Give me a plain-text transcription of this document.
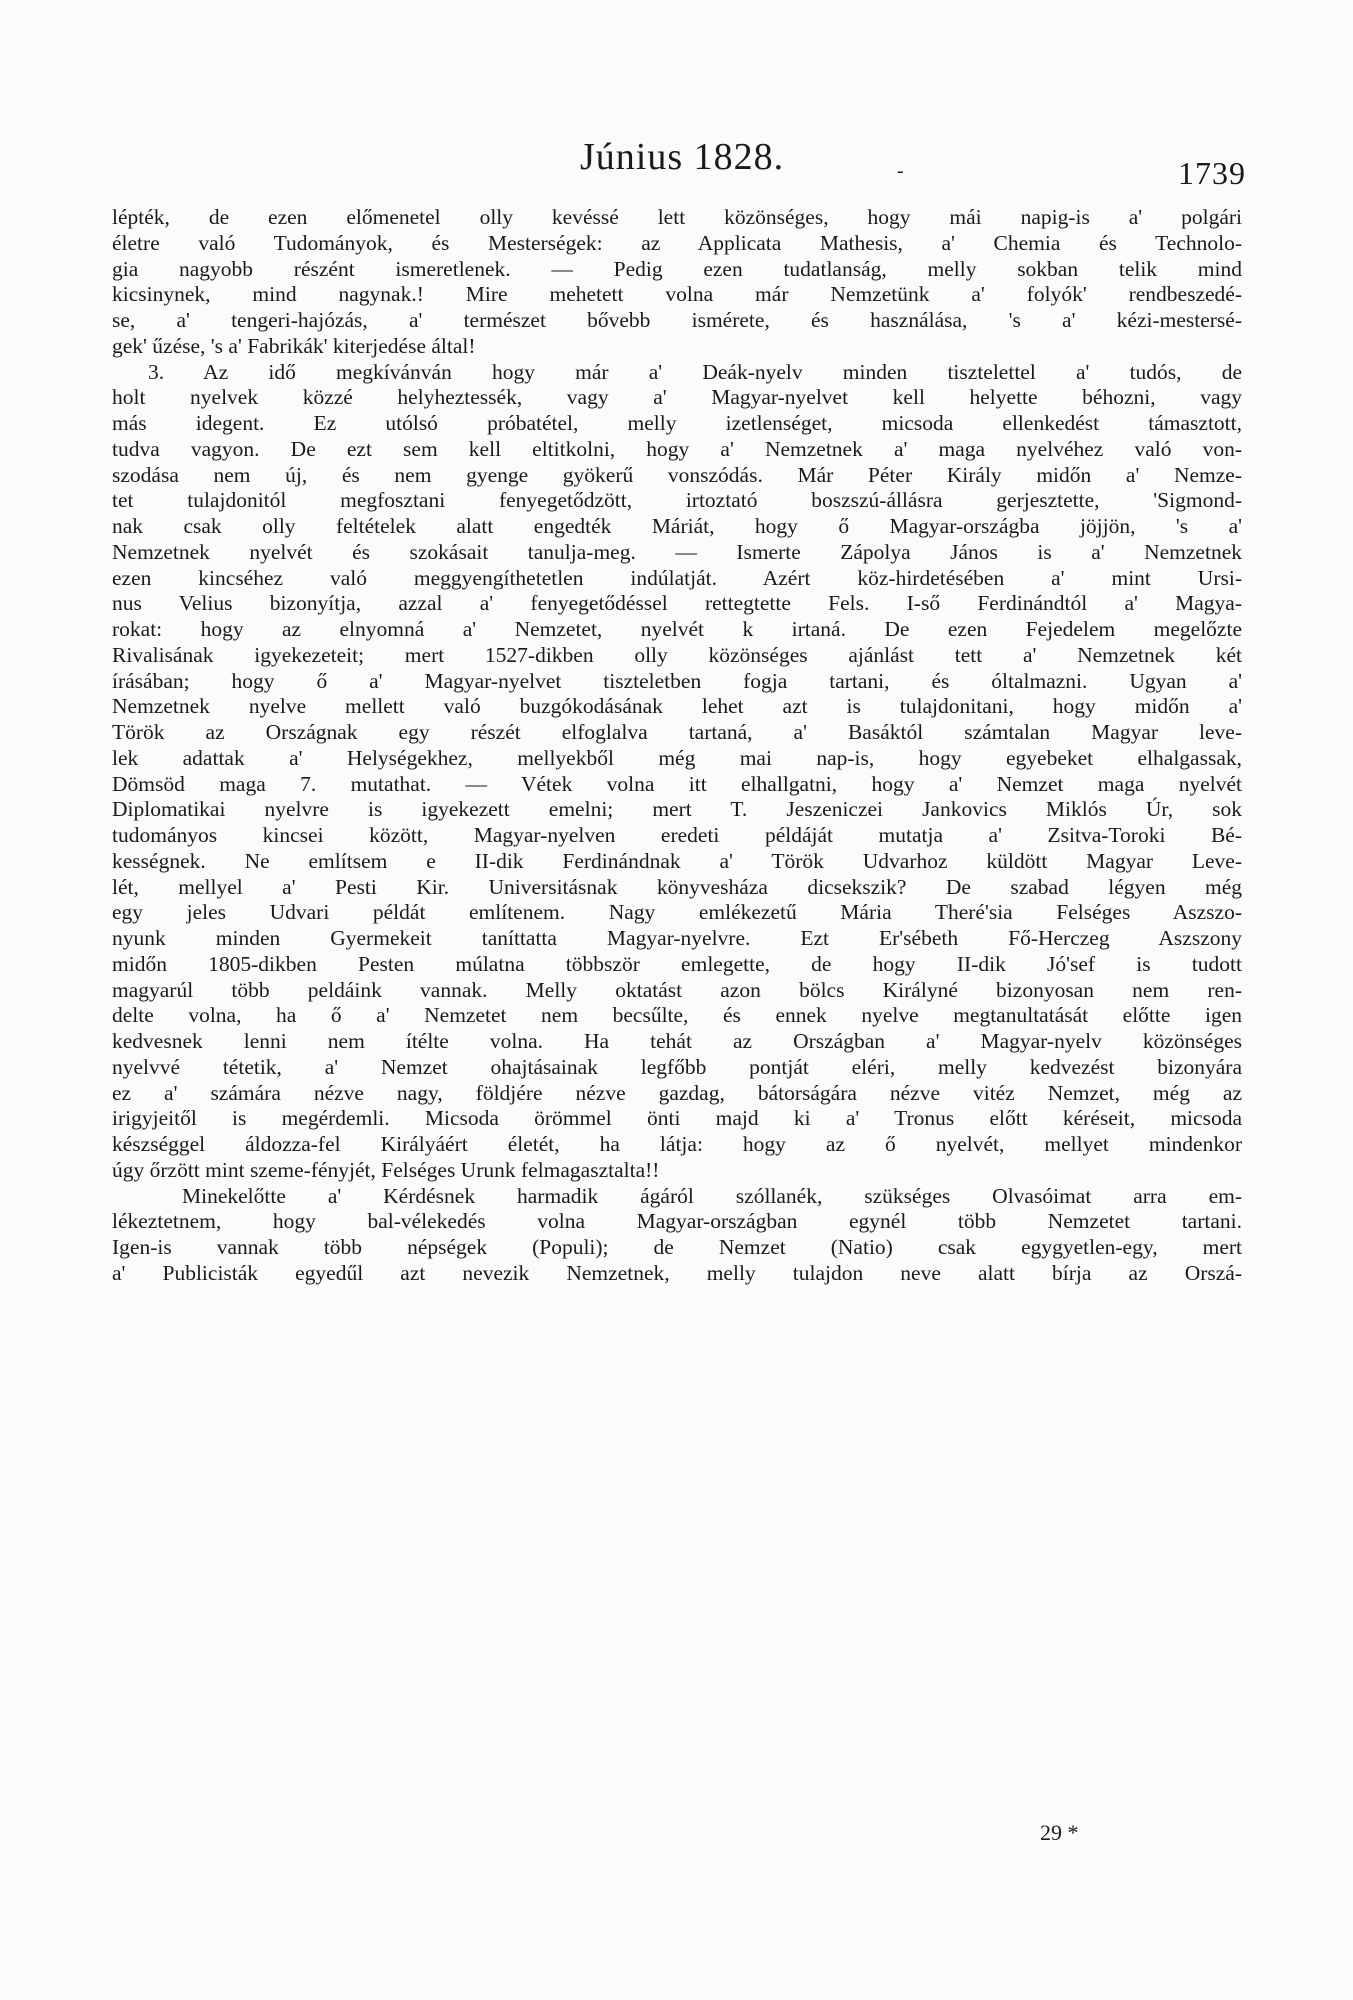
Június 1828.	-	1739
lépték, de ezen előmenetel olly kevéssé lett közönséges, hogy mái napig-is a' polgári
életre való Tudományok, és Mesterségek: az Applicata Mathesis, a' Chemia és Technolo-
gia nagyobb részént ismeretlenek. — Pedig ezen tudatlanság, melly sokban telik mind
kicsinynek, mind nagynak.! Mire mehetett volna már Nemzetünk a' folyók' rendbeszedé-
se, a' tengeri-hajózás, a' természet bővebb ismérete, és használása, 's a' kézi-mestersé-
gek' űzése, 's a' Fabrikák' kiterjedése által!
3. Az idő megkívánván hogy már a' Deák-nyelv minden tisztelettel a' tudós, de
holt nyelvek közzé helyheztessék, vagy a' Magyar-nyelvet kell helyette béhozni, vagy
más idegent. Ez utólsó próbatétel, melly izetlenséget, micsoda ellenkedést támasztott,
tudva vagyon. De ezt sem kell eltitkolni, hogy a' Nemzetnek a' maga nyelvéhez való von-
szodása nem új, és nem gyenge gyökerű vonszódás. Már Péter Király midőn a' Nemze-
tet tulajdonitól megfosztani fenyegetődzött, irtoztató boszszú-állásra gerjesztette, 'Sigmond-
nak csak olly feltételek alatt engedték Máriát, hogy ő Magyar-országba jöjjön, 's a'
Nemzetnek nyelvét és szokásait tanulja-meg. — Ismerte Zápolya János is a' Nemzetnek
ezen kincséhez való meggyengíthetetlen indúlatját. Azért köz-hirdetésében a' mint Ursi-
nus Velius bizonyítja, azzal a' fenyegetődéssel rettegtette Fels. I-ső Ferdinándtól a' Magya-
rokat: hogy az elnyomná a' Nemzetet, nyelvét k irtaná. De ezen Fejedelem megelőzte
Rivalisának igyekezeteit; mert 1527-dikben olly közönséges ajánlást tett a' Nemzetnek két
írásában; hogy ő a' Magyar-nyelvet tiszteletben fogja tartani, és óltalmazni. Ugyan a'
Nemzetnek nyelve mellett való buzgókodásának lehet azt is tulajdonitani, hogy midőn a'
Török az Országnak egy részét elfoglalva tartaná, a' Basáktól számtalan Magyar leve-
lek adattak a' Helységekhez, mellyekből még mai nap-is, hogy egyebeket elhalgassak,
Dömsöd maga 7. mutathat. — Vétek volna itt elhallgatni, hogy a' Nemzet maga nyelvét
Diplomatikai nyelvre is igyekezett emelni; mert T. Jeszeniczei Jankovics Miklós Úr, sok
tudományos kincsei között, Magyar-nyelven eredeti példáját mutatja a' Zsitva-Toroki Bé-
kességnek. Ne említsem e II-dik Ferdinándnak a' Török Udvarhoz küldött Magyar Leve-
lét, mellyel a' Pesti Kir. Universitásnak könyvesháza dicsekszik? De szabad légyen még
egy jeles Udvari példát említenem. Nagy emlékezetű Mária Theré'sia Felséges Aszszo-
nyunk minden Gyermekeit taníttatta Magyar-nyelvre. Ezt Er'sébeth Fő-Herczeg Aszszony
midőn 1805-dikben Pesten múlatna többször emlegette, de hogy II-dik Jó'sef is tudott
magyarúl több peldáink vannak. Melly oktatást azon bölcs Királyné bizonyosan nem ren-
delte volna, ha ő a' Nemzetet nem becsűlte, és ennek nyelve megtanultatását előtte igen
kedvesnek lenni nem ítélte volna. Ha tehát az Országban a' Magyar-nyelv közönséges
nyelvvé tétetik, a' Nemzet ohajtásainak legfőbb pontját eléri, melly kedvezést bizonyára
ez a' számára nézve nagy, földjére nézve gazdag, bátorságára nézve vitéz Nemzet, még az
irigyjeitől is megérdemli. Micsoda örömmel önti majd ki a' Tronus előtt kéréseit, micsoda
készséggel áldozza-fel Királyáért életét, ha látja: hogy az ő nyelvét, mellyet mindenkor
úgy őrzött mint szeme-fényjét, Felséges Urunk felmagasztalta!!
Minekelőtte a' Kérdésnek harmadik ágáról szóllanék, szükséges Olvasóimat arra em-
lékeztetnem, hogy bal-vélekedés volna Magyar-országban egynél több Nemzetet tartani.
Igen-is vannak több népségek (Populi); de Nemzet (Natio) csak egygyetlen-egy, mert
a' Publicisták egyedűl azt nevezik Nemzetnek, melly tulajdon neve alatt bírja az Orszá-
29 *
